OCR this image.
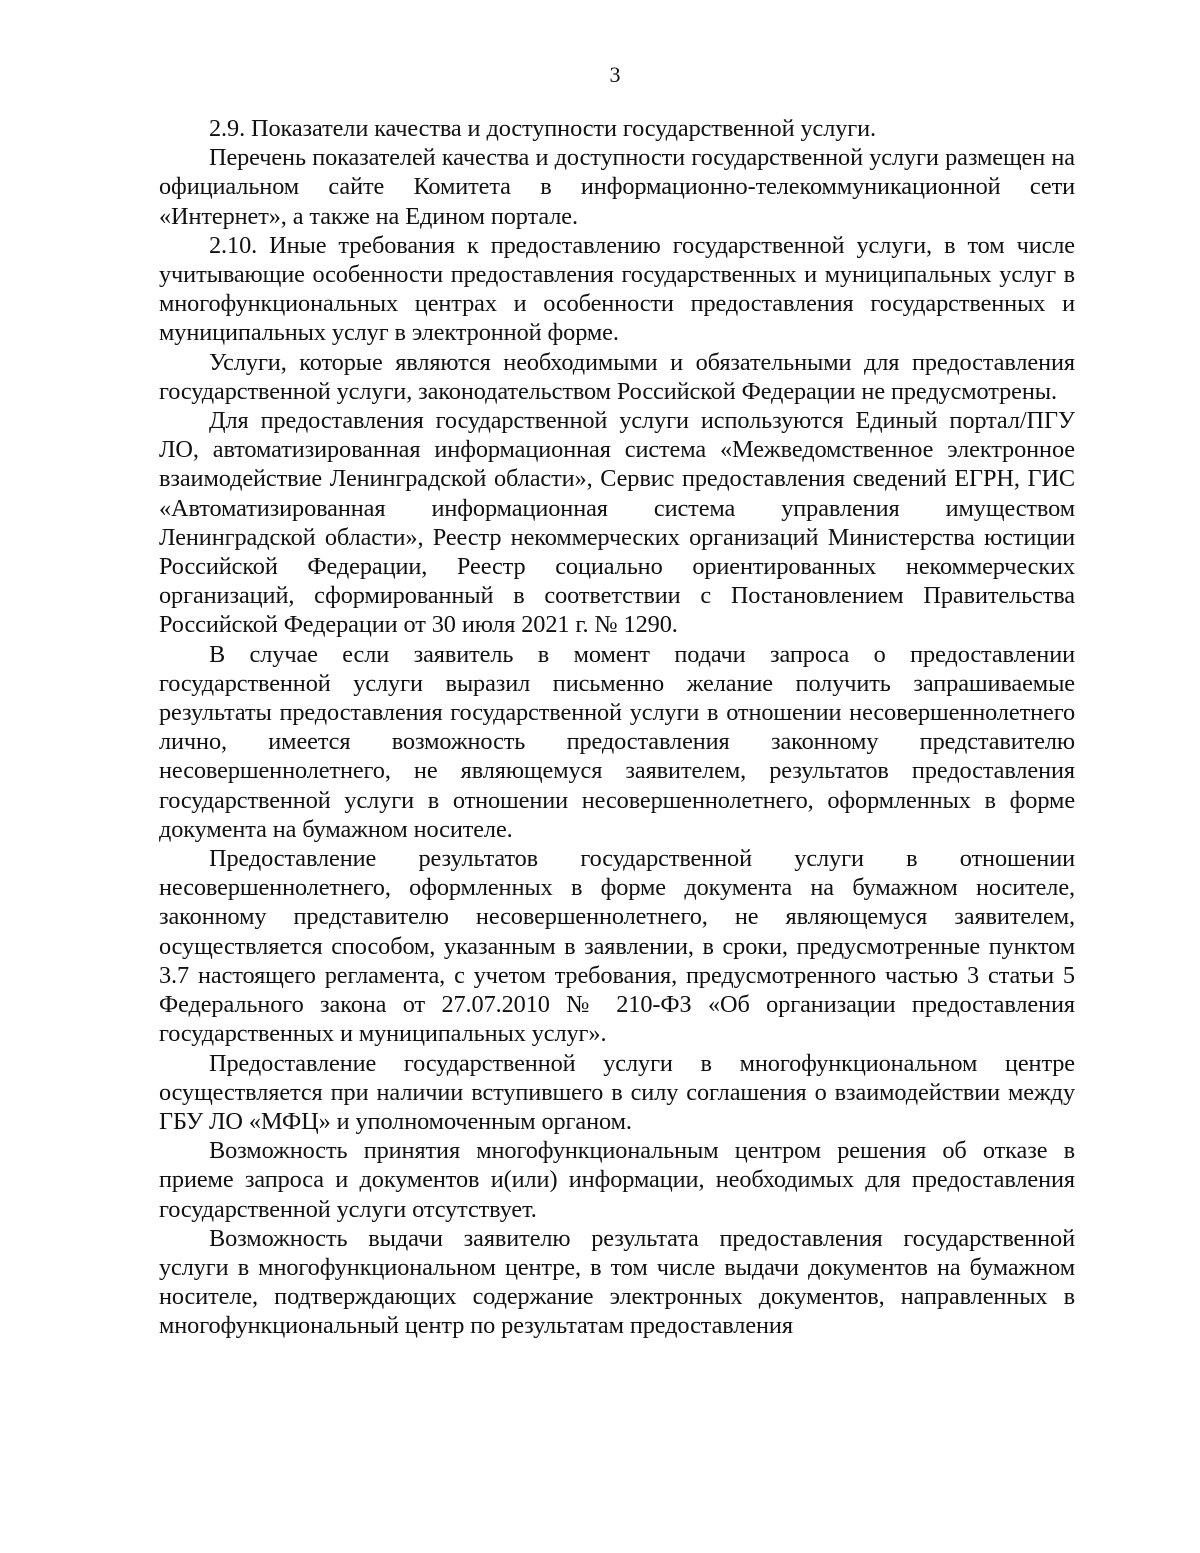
3

2.9. Показатели качества и доступности государственной услуги.

Перечень показателей качества и доступности государственной услуги размещен на официальном сайте Комитета в информационно-телекоммуникационной сети «Интернет», а также на Едином портале.

2.10. Иные требования к предоставлению государственной услуги, в том числе учитывающие особенности предоставления государственных и муниципальных услуг в многофункциональных центрах и особенности предоставления государственных и муниципальных услуг в электронной форме.

Услуги, которые являются необходимыми и обязательными для предоставления государственной услуги, законодательством Российской Федерации не предусмотрены.

Для предоставления государственной услуги используются Единый портал/ПГУ ЛО, автоматизированная информационная система «Межведомственное электронное взаимодействие Ленинградской области», Сервис предоставления сведений ЕГРН, ГИС «Автоматизированная информационная система управления имуществом Ленинградской области», Реестр некоммерческих организаций Министерства юстиции Российской Федерации, Реестр социально ориентированных некоммерческих организаций, сформированный в соответствии с Постановлением Правительства Российской Федерации от 30 июля 2021 г. № 1290.

В случае если заявитель в момент подачи запроса о предоставлении государственной услуги выразил письменно желание получить запрашиваемые результаты предоставления государственной услуги в отношении несовершеннолетнего лично, имеется возможность предоставления законному представителю несовершеннолетнего, не являющемуся заявителем, результатов предоставления государственной услуги в отношении несовершеннолетнего, оформленных в форме документа на бумажном носителе.

Предоставление результатов государственной услуги в отношении несовершеннолетнего, оформленных в форме документа на бумажном носителе, законному представителю несовершеннолетнего, не являющемуся заявителем, осуществляется способом, указанным в заявлении, в сроки, предусмотренные пунктом 3.7 настоящего регламента, с учетом требования, предусмотренного частью 3 статьи 5 Федерального закона от 27.07.2010 № 210-ФЗ «Об организации предоставления государственных и муниципальных услуг».

Предоставление государственной услуги в многофункциональном центре осуществляется при наличии вступившего в силу соглашения о взаимодействии между ГБУ ЛО «МФЦ» и уполномоченным органом.

Возможность принятия многофункциональным центром решения об отказе в приеме запроса и документов и(или) информации, необходимых для предоставления государственной услуги отсутствует.

Возможность выдачи заявителю результата предоставления государственной услуги в многофункциональном центре, в том числе выдачи документов на бумажном носителе, подтверждающих содержание электронных документов, направленных в многофункциональный центр по результатам предоставления
